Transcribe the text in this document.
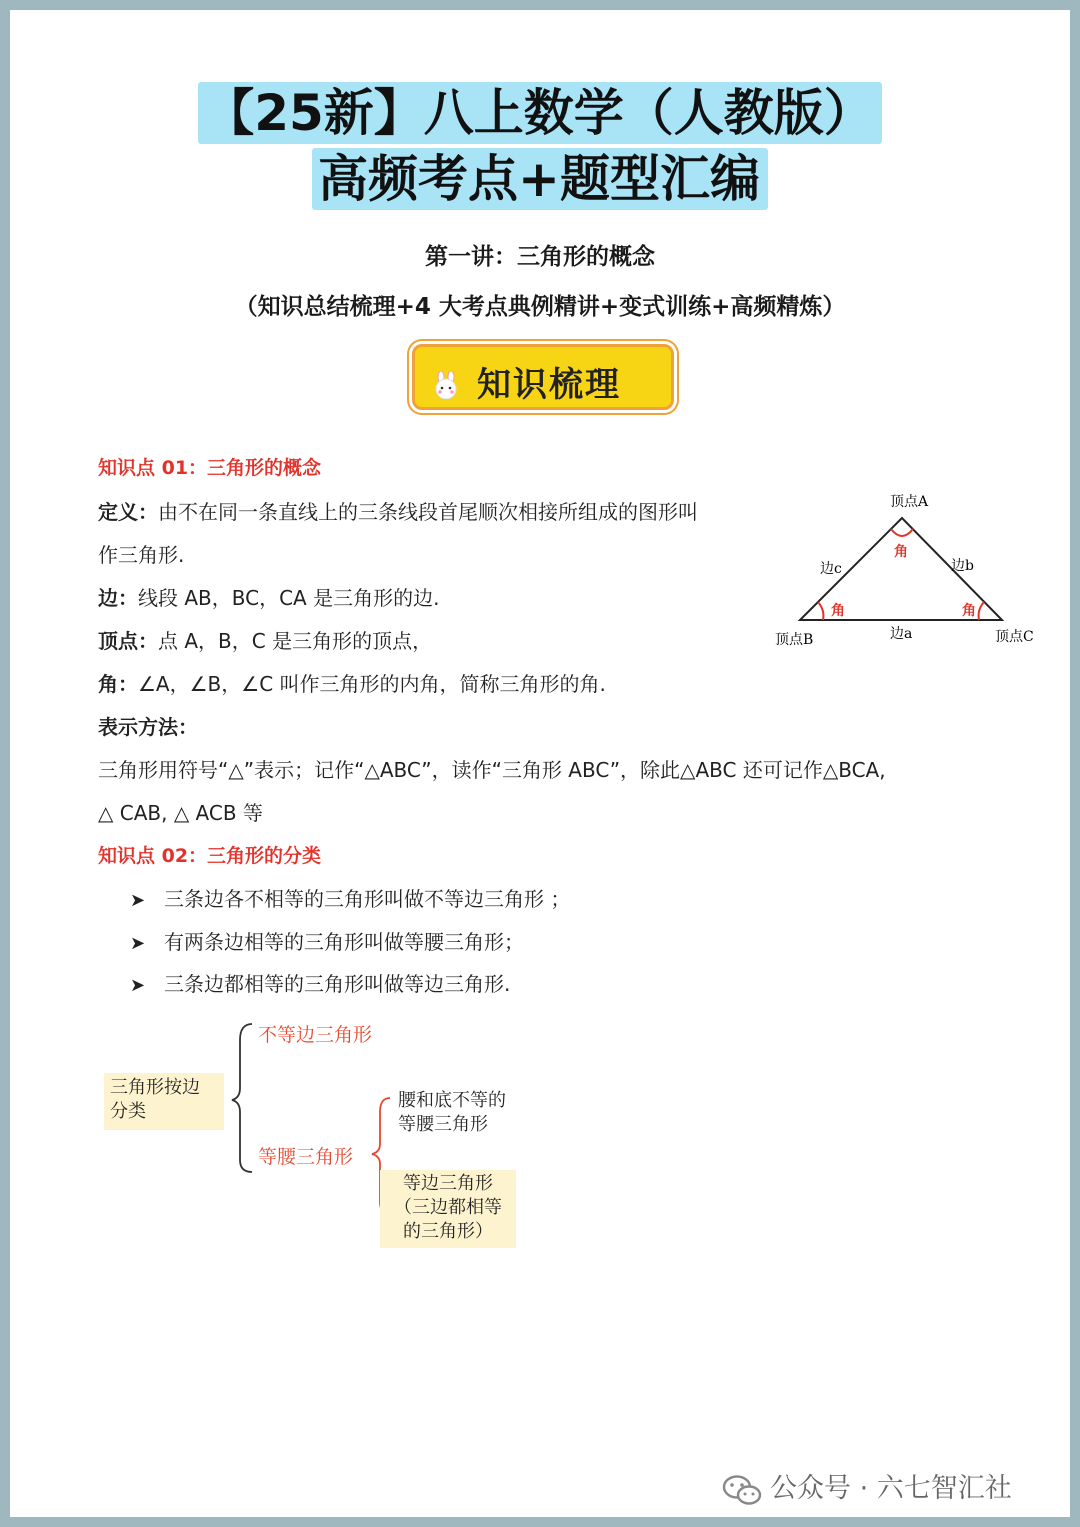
【25新】八上数学（人教版）
高频考点+题型汇编
第一讲：三角形的概念
（知识总结梳理+4 大考点典例精讲+变式训练+高频精炼）
知识梳理
知识点 01：三角形的概念
定义：由不在同一条直线上的三条线段首尾顺次相接所组成的图形叫
作三角形.
边：线段 AB，BC，CA 是三角形的边.
顶点：点 A，B，C 是三角形的顶点，
角：∠A，∠B，∠C 叫作三角形的内角，简称三角形的角.
表示方法：
三角形用符号“△”表示；记作“△ABC”，读作“三角形 ABC”，除此△ABC 还可记作△BCA,
△ CAB, △ ACB 等
顶点A
顶点B	顶点C
边c	边b
边a
角
角	角
知识点 02：三角形的分类
➤ 三条边各不相等的三角形叫做不等边三角形 ；
➤ 有两条边相等的三角形叫做等腰三角形；
➤ 三条边都相等的三角形叫做等边三角形.
三角形按边
分类
不等边三角形
等腰三角形
腰和底不等的
等腰三角形
等边三角形
（三边都相等
的三角形）
公众号 · 六七智汇社
